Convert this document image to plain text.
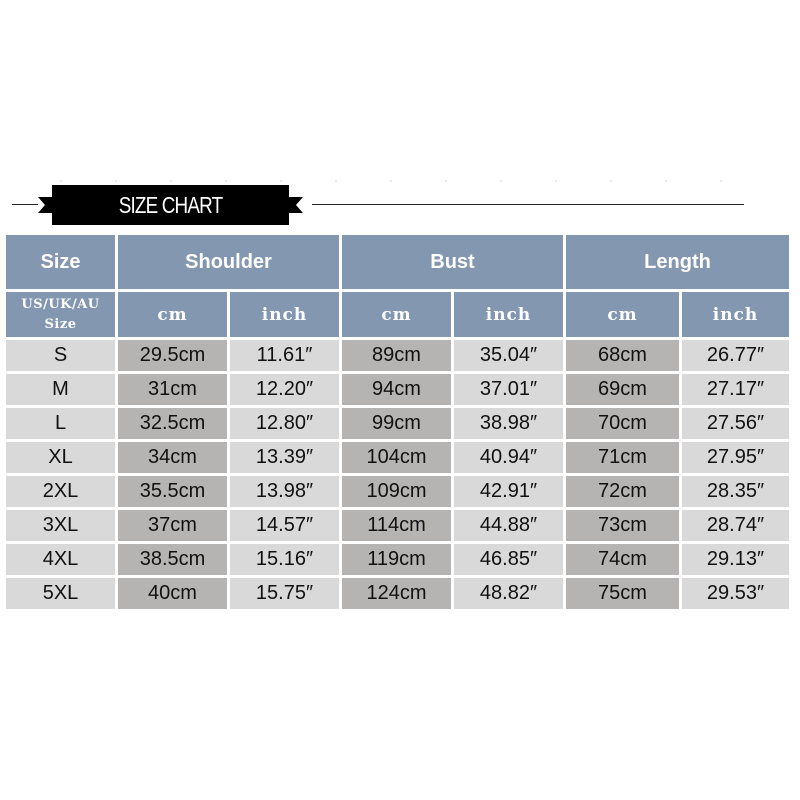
SIZE CHART
Size	Shoulder	Bust	Length
US/UK/AU
Size	cm	inch	cm	inch	cm	inch
S	29.5cm	11.61″	89cm	35.04″	68cm	26.77″
M	31cm	12.20″	94cm	37.01″	69cm	27.17″
L	32.5cm	12.80″	99cm	38.98″	70cm	27.56″
XL	34cm	13.39″	104cm	40.94″	71cm	27.95″
2XL	35.5cm	13.98″	109cm	42.91″	72cm	28.35″
3XL	37cm	14.57″	114cm	44.88″	73cm	28.74″
4XL	38.5cm	15.16″	119cm	46.85″	74cm	29.13″
5XL	40cm	15.75″	124cm	48.82″	75cm	29.53″
